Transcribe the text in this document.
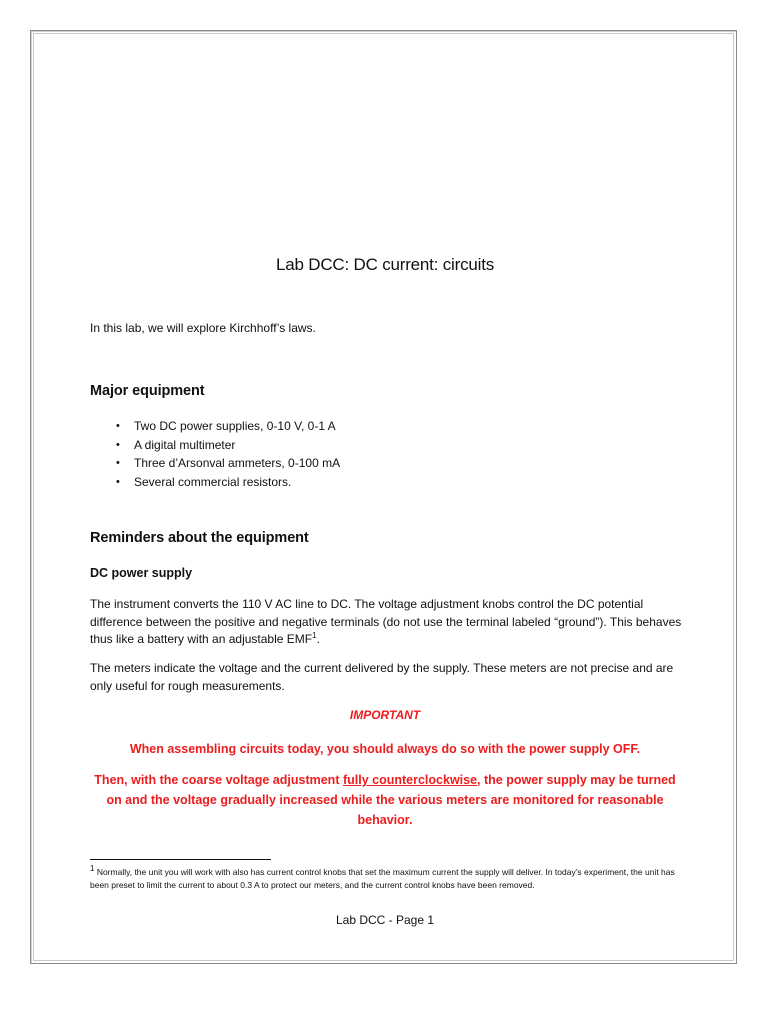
Lab DCC: DC current: circuits

In this lab, we will explore Kirchhoff’s laws.

Major equipment
• Two DC power supplies, 0-10 V, 0-1 A
• A digital multimeter
• Three d’Arsonval ammeters, 0-100 mA
• Several commercial resistors.
Reminders about the equipment
DC power supply

The instrument converts the 110 V AC line to DC. The voltage adjustment knobs control the DC potential difference between the positive and negative terminals (do not use the terminal labeled “ground”). This behaves thus like a battery with an adjustable EMF$^1$.

The meters indicate the voltage and the current delivered by the supply. These meters are not precise and are only useful for rough measurements.

IMPORTANT

When assembling circuits today, you should always do so with the power supply OFF.

Then, with the coarse voltage adjustment fully counterclockwise, the power supply may be turned on and the voltage gradually increased while the various meters are monitored for reasonable behavior.

$^1$ Normally, the unit you will work with also has current control knobs that set the maximum current the supply will deliver. In today’s experiment, the unit has been preset to limit the current to about 0.3 A to protect our meters, and the current control knobs have been removed.

Lab DCC - Page 1
